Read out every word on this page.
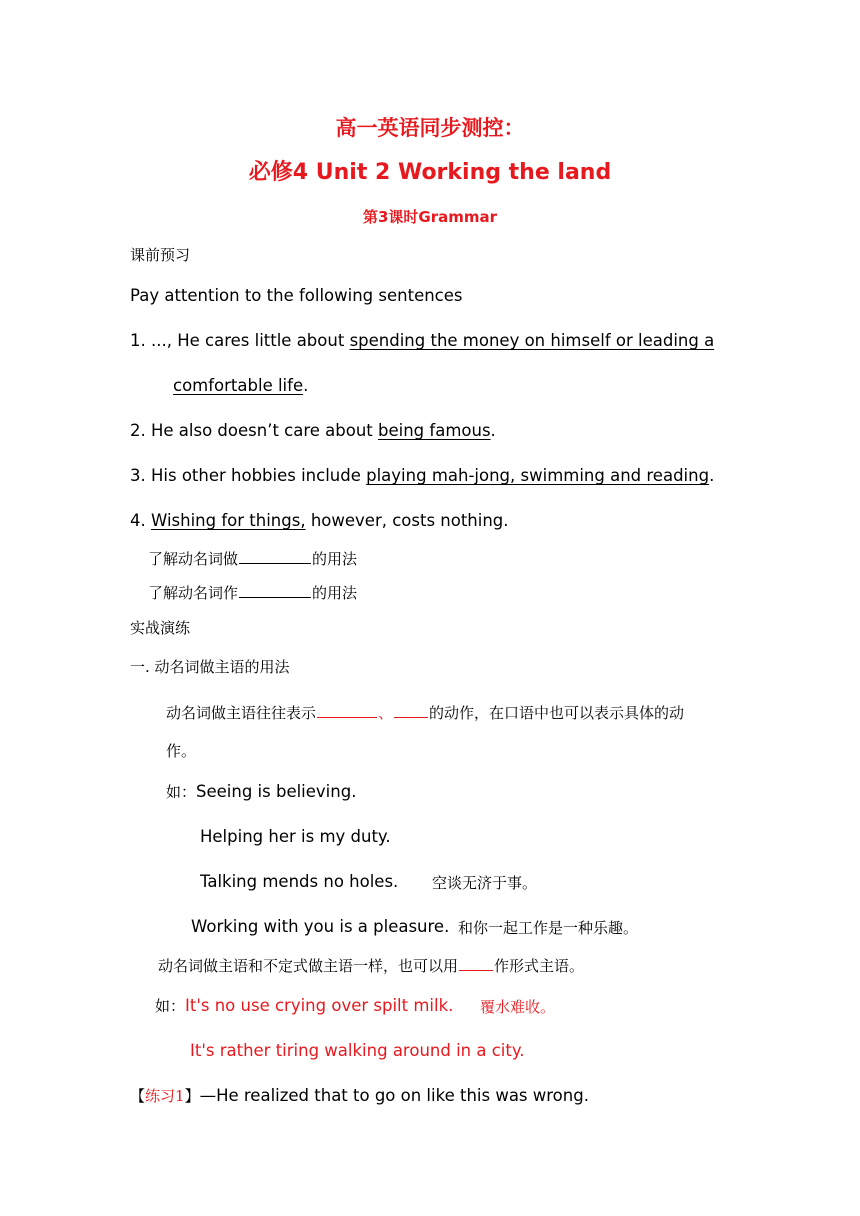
高一英语同步测控：
必修4 Unit 2 Working the land
第3课时Grammar
课前预习
Pay attention to the following sentences
1. ..., He cares little about spending the money on himself or leading a
comfortable life.
2. He also doesn’t care about being famous.
3. His other hobbies include playing mah-jong, swimming and reading.
4. Wishing for things, however, costs nothing.
了解动名词做	的用法
了解动名词作	的用法
实战演练
一. 动名词做主语的用法
动名词做主语往往表示	、 的动作，在口语中也可以表示具体的动
作。
如：Seeing is believing.
Helping her is my duty.
Talking mends no holes. 空谈无济于事。
Working with you is a pleasure. 和你一起工作是一种乐趣。
动名词做主语和不定式做主语一样，也可以用 作形式主语。
如：It's no use crying over spilt milk. 覆水难收。
It's rather tiring walking around in a city.
【练习1】—He realized that to go on like this was wrong.
